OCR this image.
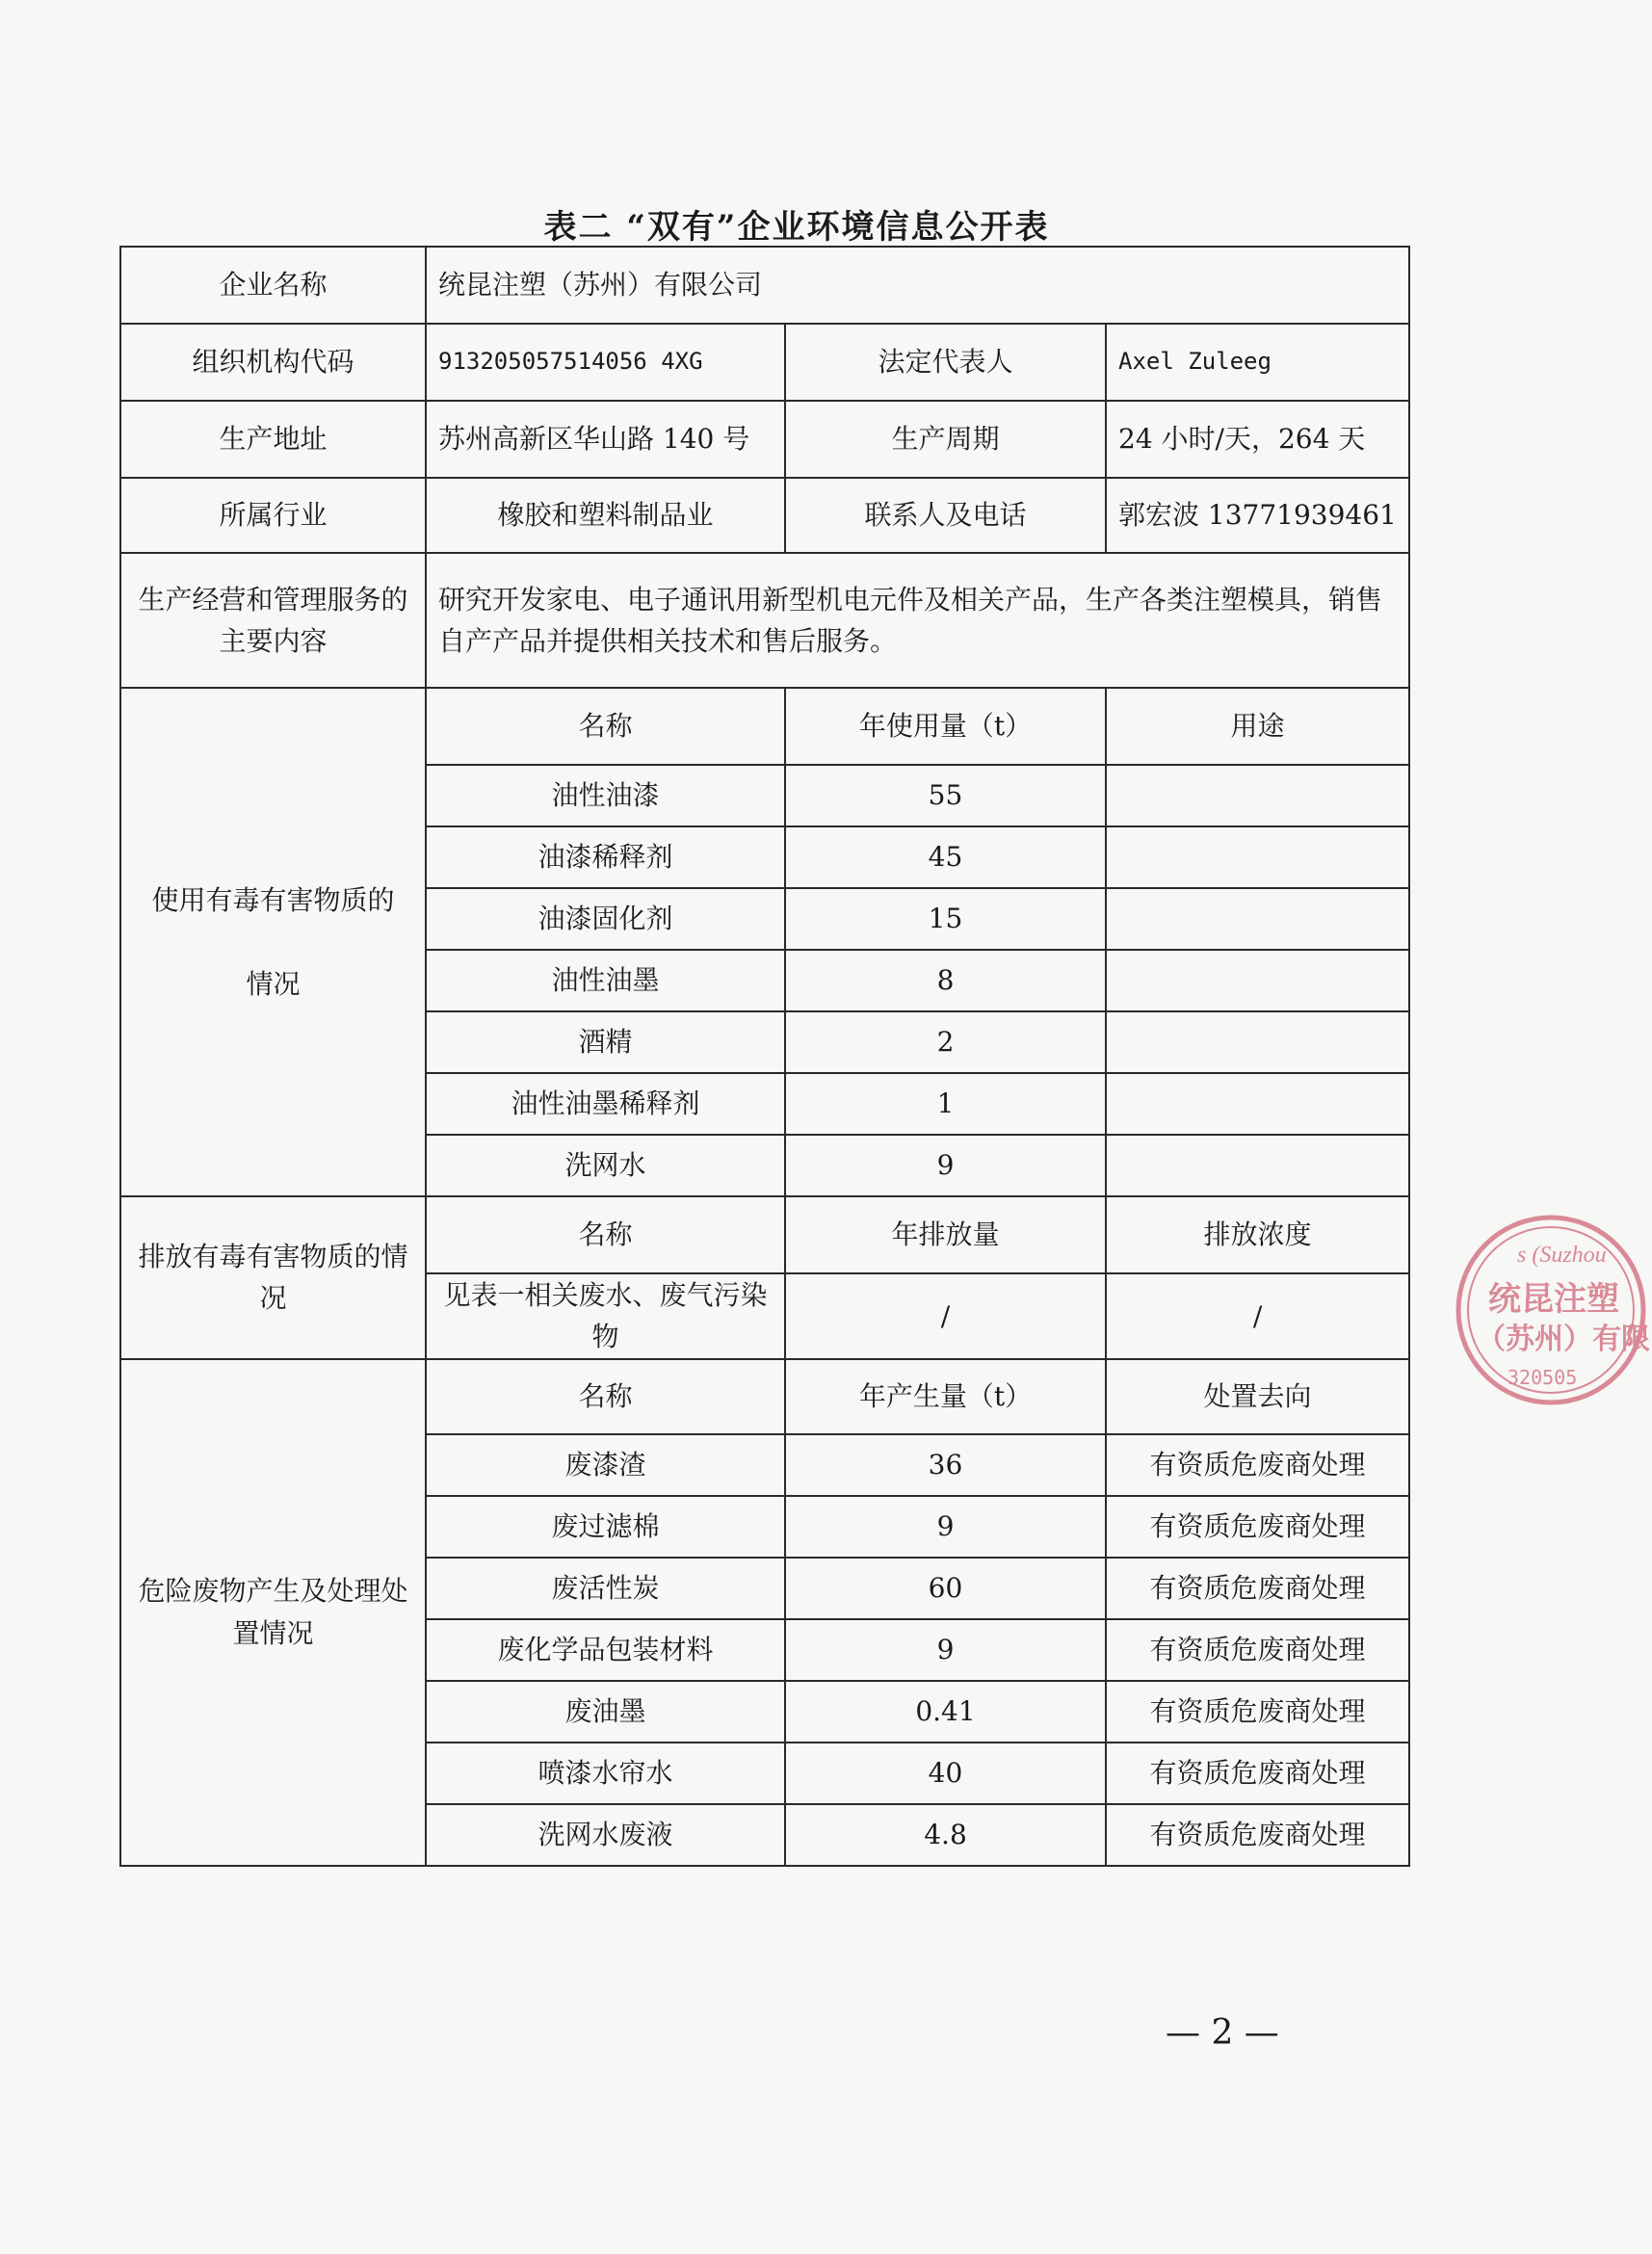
表二 “双有”企业环境信息公开表
企业名称	统昆注塑（苏州）有限公司		
组织机构代码	913205057514056 4XG	法定代表人	Axel Zuleeg
生产地址	苏州高新区华山路 140 号	生产周期	24 小时/天，264 天
所属行业	橡胶和塑料制品业	联系人及电话	郭宏波 13771939461
生产经营和管理服务的主要内容	研究开发家电、电子通讯用新型机电元件及相关产品，生产各类注塑模具，销售自产产品并提供相关技术和售后服务。		

使用有毒有害物质的
情况	名称	年使用量（t）	用途
	油性油漆	55	
	油漆稀释剂	45	
	油漆固化剂	15	
	油性油墨	8	
	酒精	2	
	油性油墨稀释剂	1	
	洗网水	9	
排放有毒有害物质的情况	名称	年排放量	排放浓度
	见表一相关废水、废气污染物	/	/
危险废物产生及处理处置情况	名称	年产生量（t）	处置去向
	废漆渣	36	有资质危废商处理
	废过滤棉	9	有资质危废商处理
	废活性炭	60	有资质危废商处理
	废化学品包装材料	9	有资质危废商处理
	废油墨	0.41	有资质危废商处理
	喷漆水帘水	40	有资质危废商处理
	洗网水废液	4.8	有资质危废商处理
s (Suzhou
统昆注塑
（苏州）有限
320505
— 2 —
